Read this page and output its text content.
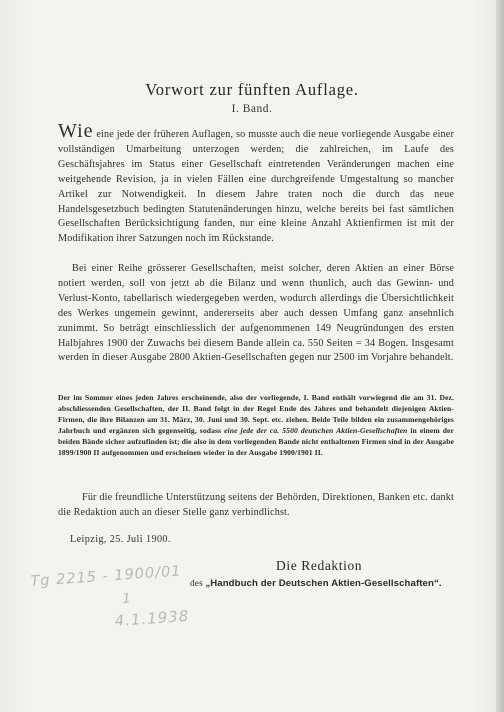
Vorwort zur fünften Auflage.
I. Band.
Wie eine jede der früheren Auflagen, so musste auch die neue vorliegende Ausgabe einer vollständigen Umarbeitung unterzogen werden; die zahlreichen, im Laufe des Geschäftsjahres im Status einer Gesellschaft eintretenden Veränderungen machen eine weitgehende Revision, ja in vielen Fällen eine durchgreifende Umgestaltung so mancher Artikel zur Notwendigkeit. In diesem Jahre traten noch die durch das neue Handelsgesetzbuch bedingten Statutenänderungen hinzu, welche bereits bei fast sämtlichen Gesellschaften Berücksichtigung fanden, nur eine kleine Anzahl Aktienfirmen ist mit der Modifikation ihrer Satzungen noch im Rückstande.
Bei einer Reihe grösserer Gesellschaften, meist solcher, deren Aktien an einer Börse notiert werden, soll von jetzt ab die Bilanz und wenn thunlich, auch das Gewinn- und Verlust-Konto, tabellarisch wiedergegeben werden, wodurch allerdings die Übersichtlichkeit des Werkes ungemein gewinnt, andererseits aber auch dessen Umfang ganz ansehnlich zunimmt. So beträgt einschliesslich der aufgenommenen 149 Neugründungen des ersten Halbjahres 1900 der Zuwachs bei diesem Bande allein ca. 550 Seiten = 34 Bogen. Insgesamt werden in dieser Ausgabe 2800 Aktien-Gesellschaften gegen nur 2500 im Vorjahre behandelt.
Der im Sommer eines jeden Jahres erscheinende, also der vorliegende, I. Band enthält vorwiegend die am 31. Dez. abschliessenden Gesellschaften, der II. Band folgt in der Regel Ende des Jahres und behandelt diejenigen Aktien-Firmen, die ihre Bilanzen am 31. März, 30. Juni und 30. Sept. etc. ziehen. Beide Teile bilden ein zusammengehöriges Jahrbuch und ergänzen sich gegenseitig, sodass eine jede der ca. 5500 deutschen Aktien-Gesellschaften in einem der beiden Bände sicher aufzufinden ist; die also in dem vorliegenden Bande nicht enthaltenen Firmen sind in der Ausgabe 1899/1900 II aufgenommen und erscheinen wieder in der Ausgabe 1900/1901 II.
Für die freundliche Unterstützung seitens der Behörden, Direktionen, Banken etc. dankt die Redaktion auch an dieser Stelle ganz verbindlichst.
Leipzig, 25. Juli 1900.
Die Redaktion
des „Handbuch der Deutschen Aktien-Gesellschaften“.
Tg 2215 - 1900/01
1
4.1.1938
